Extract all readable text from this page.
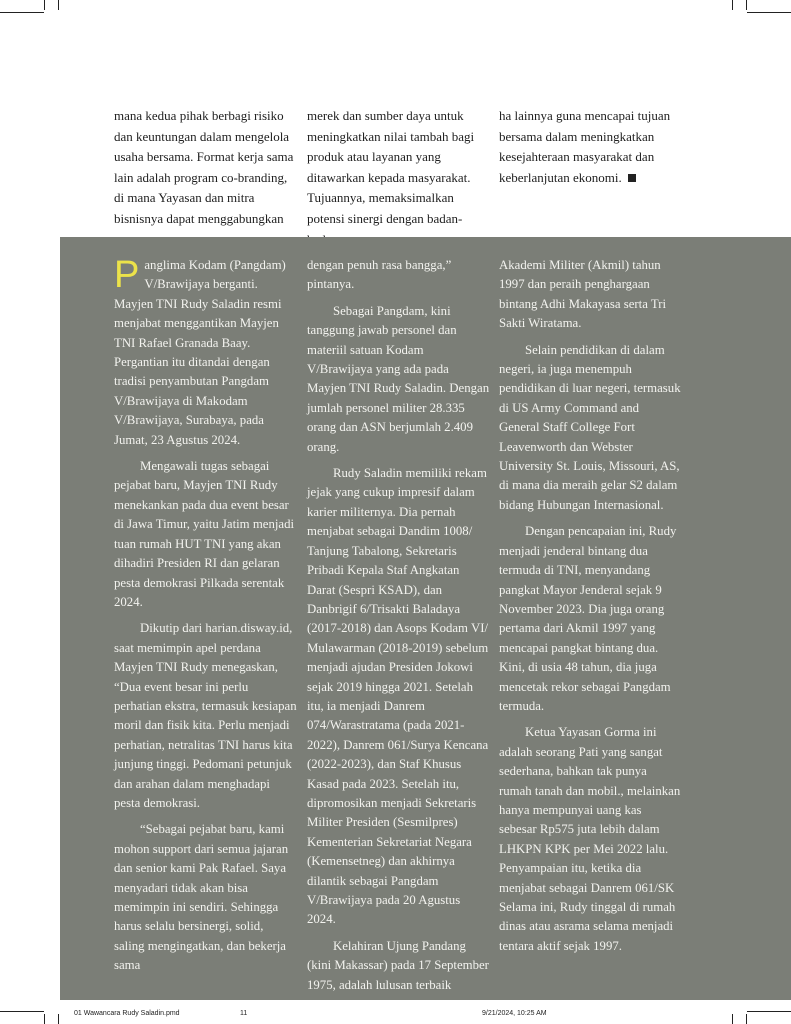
mana kedua pihak berbagi risiko dan keuntungan dalam mengelola usaha bersama. Format kerja sama lain adalah program co-branding, di mana Yayasan dan mitra bisnisnya dapat menggabungkan

merek dan sumber daya untuk meningkatkan nilai tambah bagi produk atau layanan yang ditawarkan kepada masyarakat. Tujuannya, memaksimalkan potensi sinergi dengan badan-

ha lainnya guna mencapai tujuan bersama dalam meningkatkan kesejahteraan masyarakat dan keberlanjutan ekonomi.

Panglima Kodam (Pangdam) V/Brawijaya berganti. Mayjen TNI Rudy Saladin resmi menjabat menggantikan Mayjen TNI Rafael Granada Baay. Pergantian itu ditandai dengan tradisi penyambutan Pangdam V/Brawijaya di Makodam V/Brawijaya, Surabaya, pada Jumat, 23 Agustus 2024.

Mengawali tugas sebagai pejabat baru, Mayjen TNI Rudy menekankan pada dua event besar di Jawa Timur, yaitu Jatim menjadi tuan rumah HUT TNI yang akan dihadiri Presiden RI dan gelaran pesta demokrasi Pilkada serentak 2024.

Dikutip dari harian.disway.id, saat memimpin apel perdana Mayjen TNI Rudy menegaskan, “Dua event besar ini perlu perhatian ekstra, termasuk kesiapan moril dan fisik kita. Perlu menjadi perhatian, netralitas TNI harus kita junjung tinggi. Pedomani petunjuk dan arahan dalam menghadapi pesta demokrasi.

“Sebagai pejabat baru, kami mohon support dari semua jajaran dan senior kami Pak Rafael. Saya menyadari tidak akan bisa memimpin ini sendiri. Sehingga harus selalu bersinergi, solid, saling mengingatkan, dan bekerja sama

dengan penuh rasa bangga,” pintanya.

Sebagai Pangdam, kini tanggung jawab personel dan materiil satuan Kodam V/Brawijaya yang ada pada Mayjen TNI Rudy Saladin. Dengan jumlah personel militer 28.335 orang dan ASN berjumlah 2.409 orang.

Rudy Saladin memiliki rekam jejak yang cukup impresif dalam karier militernya. Dia pernah menjabat sebagai Dandim 1008/ Tanjung Tabalong, Sekretaris Pribadi Kepala Staf Angkatan Darat (Sespri KSAD), dan Danbrigif 6/Trisakti Baladaya (2017-2018) dan Asops Kodam VI/ Mulawarman (2018-2019) sebelum menjadi ajudan Presiden Jokowi sejak 2019 hingga 2021. Setelah itu, ia menjadi Danrem 074/Warastratama (pada 2021-2022), Danrem 061/Surya Kencana (2022-2023), dan Staf Khusus Kasad pada 2023. Setelah itu, dipromosikan menjadi Sekretaris Militer Presiden (Sesmilpres) Kementerian Sekretariat Negara (Kemensetneg) dan akhirnya dilantik sebagai Pangdam V/Brawijaya pada 20 Agustus 2024.

Kelahiran Ujung Pandang (kini Makassar) pada 17 September 1975, adalah lulusan terbaik

Akademi Militer (Akmil) tahun 1997 dan peraih penghargaan bintang Adhi Makayasa serta Tri Sakti Wiratama.

Selain pendidikan di dalam negeri, ia juga menempuh pendidikan di luar negeri, termasuk di US Army Command and General Staff College Fort Leavenworth dan Webster University St. Louis, Missouri, AS, di mana dia meraih gelar S2 dalam bidang Hubungan Internasional.

Dengan pencapaian ini, Rudy menjadi jenderal bintang dua termuda di TNI, menyandang pangkat Mayor Jenderal sejak 9 November 2023. Dia juga orang pertama dari Akmil 1997 yang mencapai pangkat bintang dua. Kini, di usia 48 tahun, dia juga mencetak rekor sebagai Pangdam termuda.

Ketua Yayasan Gorma ini adalah seorang Pati yang sangat sederhana, bahkan tak punya rumah tanah dan mobil., melainkan hanya mempunyai uang kas sebesar Rp575 juta lebih dalam LHKPN KPK per Mei 2022 lalu. Penyampaian itu, ketika dia menjabat sebagai Danrem 061/SK Selama ini, Rudy tinggal di rumah dinas atau asrama selama menjadi tentara aktif sejak 1997.

01 Wawancara Rudy Saladin.pmd	11	9/21/2024, 10:25 AM
